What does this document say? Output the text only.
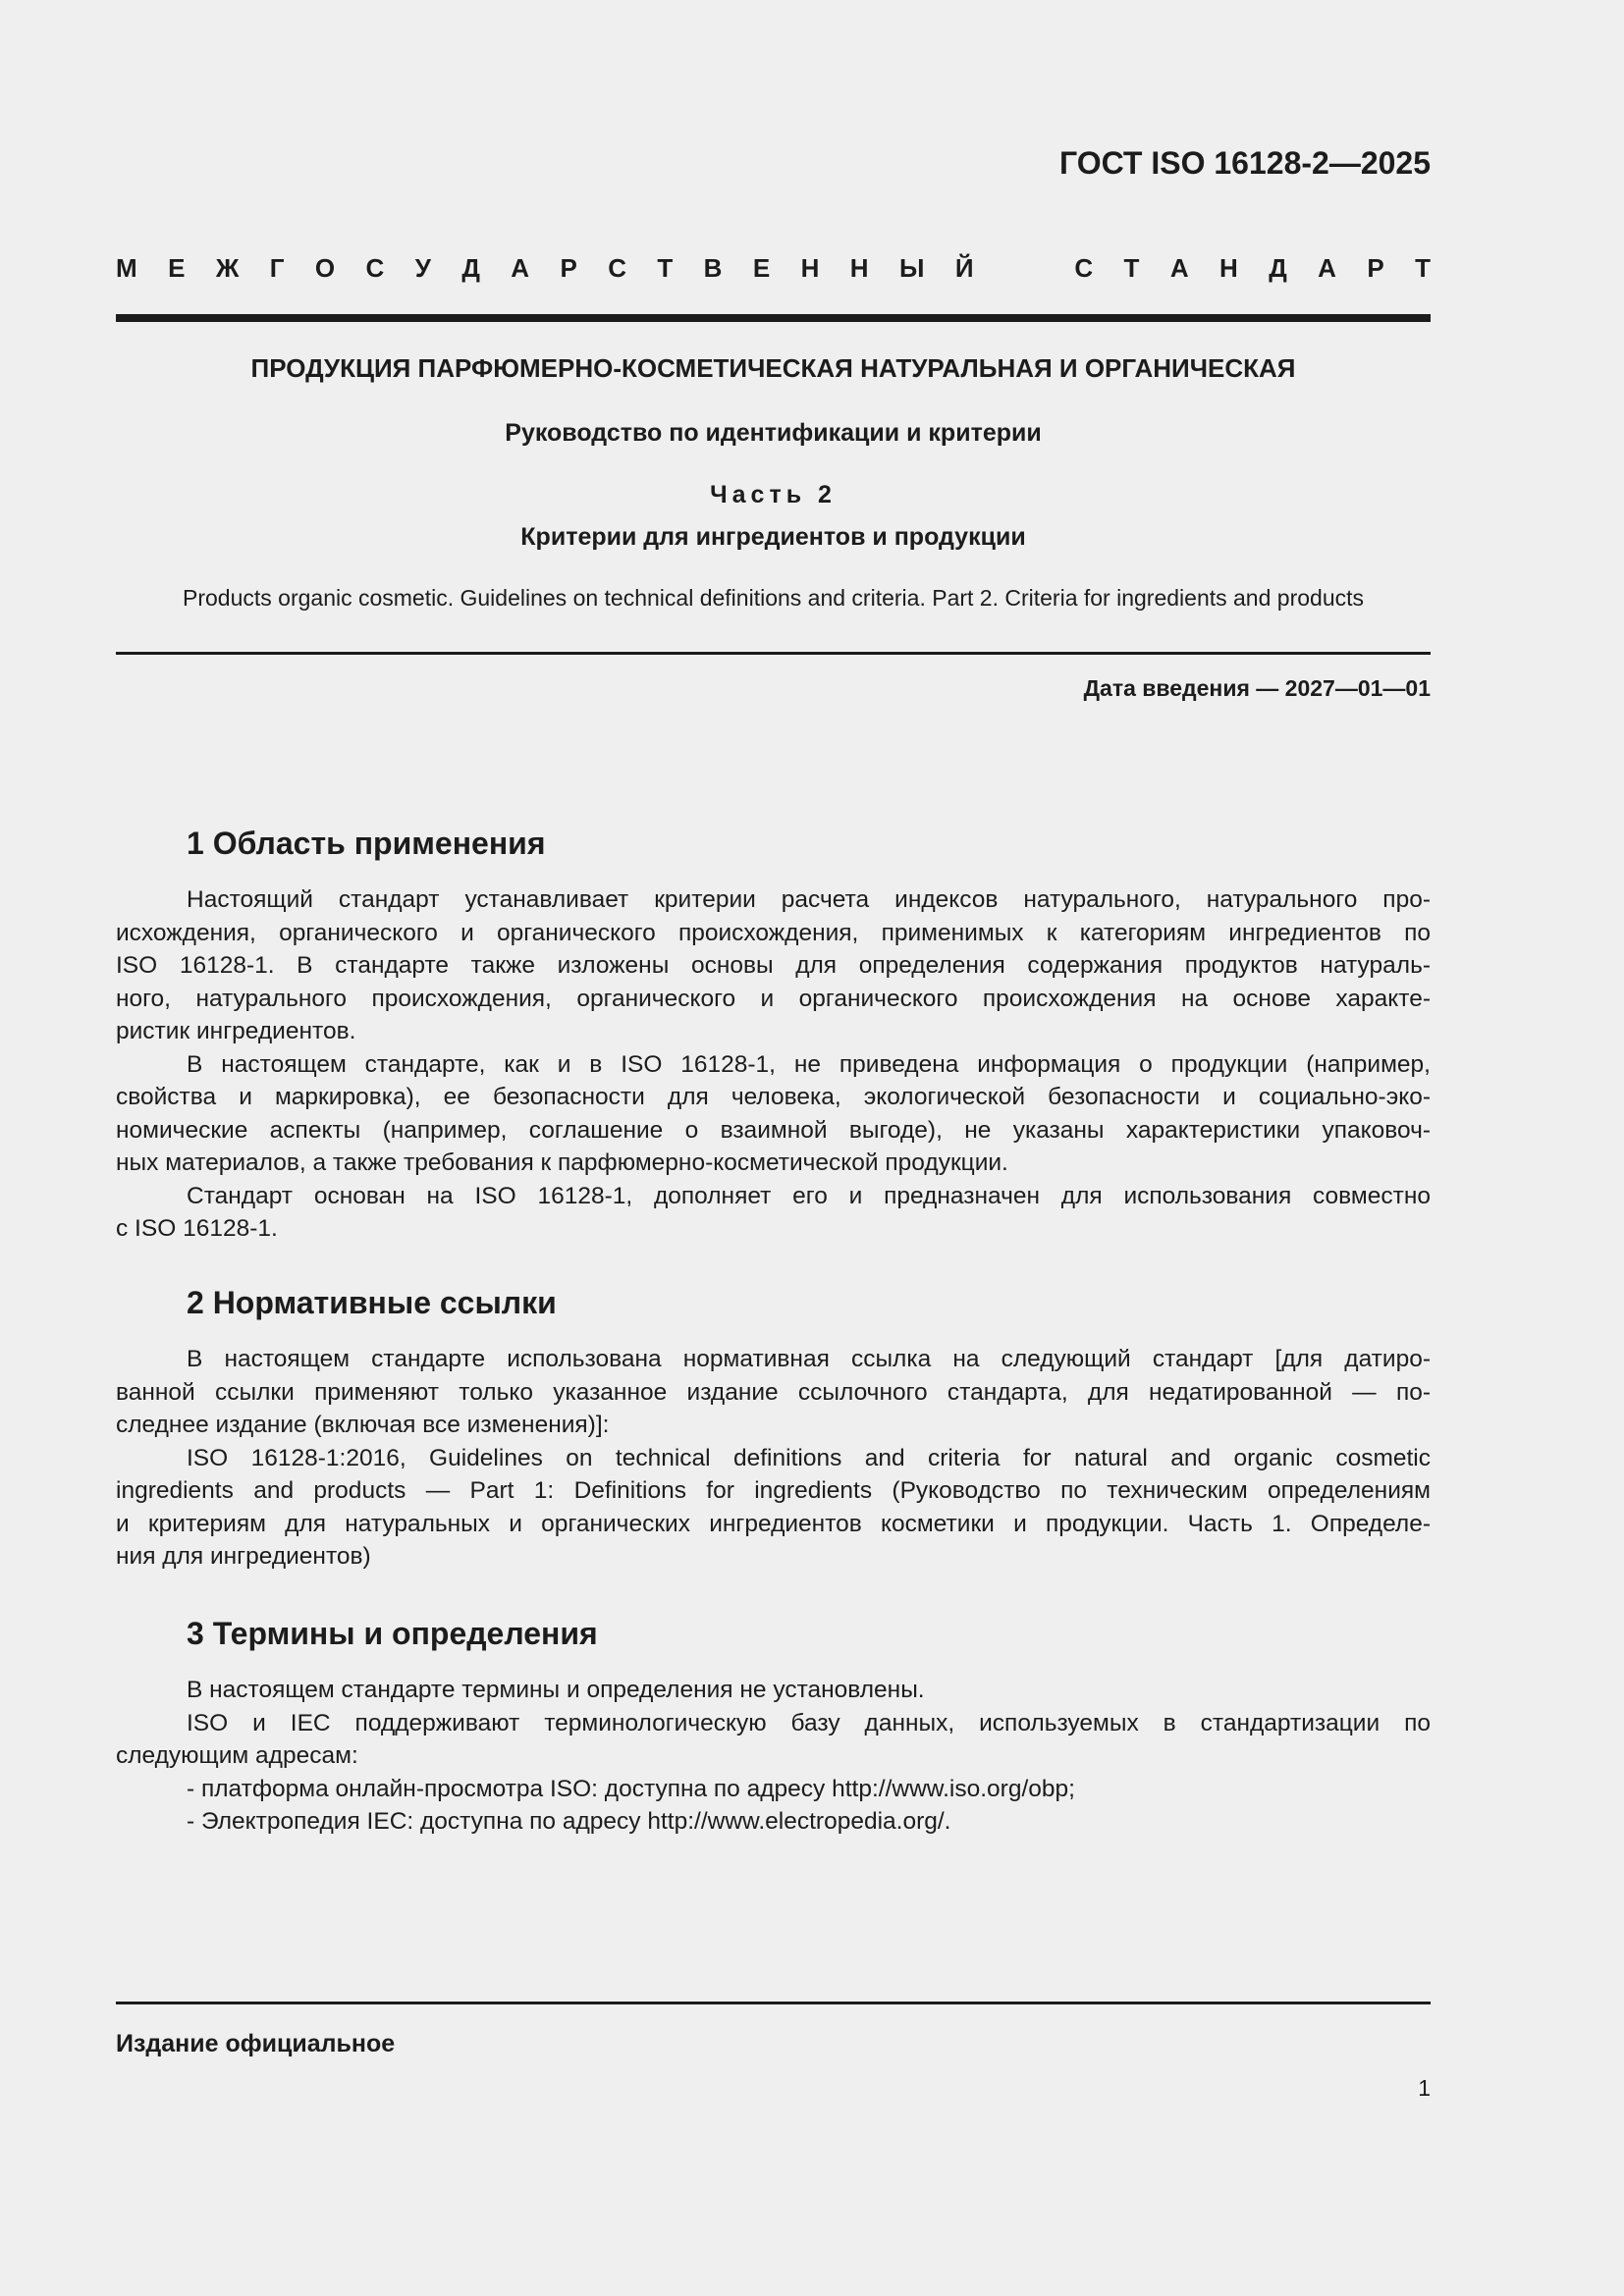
ГОСТ ISO 16128-2—2025
М Е Ж Г О С У Д А Р С Т В Е Н Н Ы Й	С Т А Н Д А Р Т
ПРОДУКЦИЯ ПАРФЮМЕРНО-КОСМЕТИЧЕСКАЯ НАТУРАЛЬНАЯ И ОРГАНИЧЕСКАЯ
Руководство по идентификации и критерии
Часть 2
Критерии для ингредиентов и продукции
Products organic cosmetic. Guidelines on technical definitions and criteria. Part 2. Criteria for ingredients and products
Дата введения — 2027—01—01
1 Область применения
Настоящий стандарт устанавливает критерии расчета индексов натурального, натурального про-
исхождения, органического и органического происхождения, применимых к категориям ингредиентов по
ISO 16128-1. В стандарте также изложены основы для определения содержания продуктов натураль-
ного, натурального происхождения, органического и органического происхождения на основе характе-
ристик ингредиентов.
В настоящем стандарте, как и в ISO 16128-1, не приведена информация о продукции (например,
свойства и маркировка), ее безопасности для человека, экологической безопасности и социально-эко-
номические аспекты (например, соглашение о взаимной выгоде), не указаны характеристики упаковоч-
ных материалов, а также требования к парфюмерно-косметической продукции.
Стандарт основан на ISO 16128-1, дополняет его и предназначен для использования совместно
с ISO 16128-1.
2 Нормативные ссылки
В настоящем стандарте использована нормативная ссылка на следующий стандарт [для датиро-
ванной ссылки применяют только указанное издание ссылочного стандарта, для недатированной — по-
следнее издание (включая все изменения)]:
ISO 16128-1:2016, Guidelines on technical definitions and criteria for natural and organic cosmetic
ingredients and products — Part 1: Definitions for ingredients (Руководство по техническим определениям
и критериям для натуральных и органических ингредиентов косметики и продукции. Часть 1. Определе-
ния для ингредиентов)
3 Термины и определения
В настоящем стандарте термины и определения не установлены.
ISO и IEC поддерживают терминологическую базу данных, используемых в стандартизации по
следующим адресам:
- платформа онлайн-просмотра ISO: доступна по адресу http://www.iso.org/obp;
- Электропедия IEC: доступна по адресу http://www.electropedia.org/.
Издание официальное
1
